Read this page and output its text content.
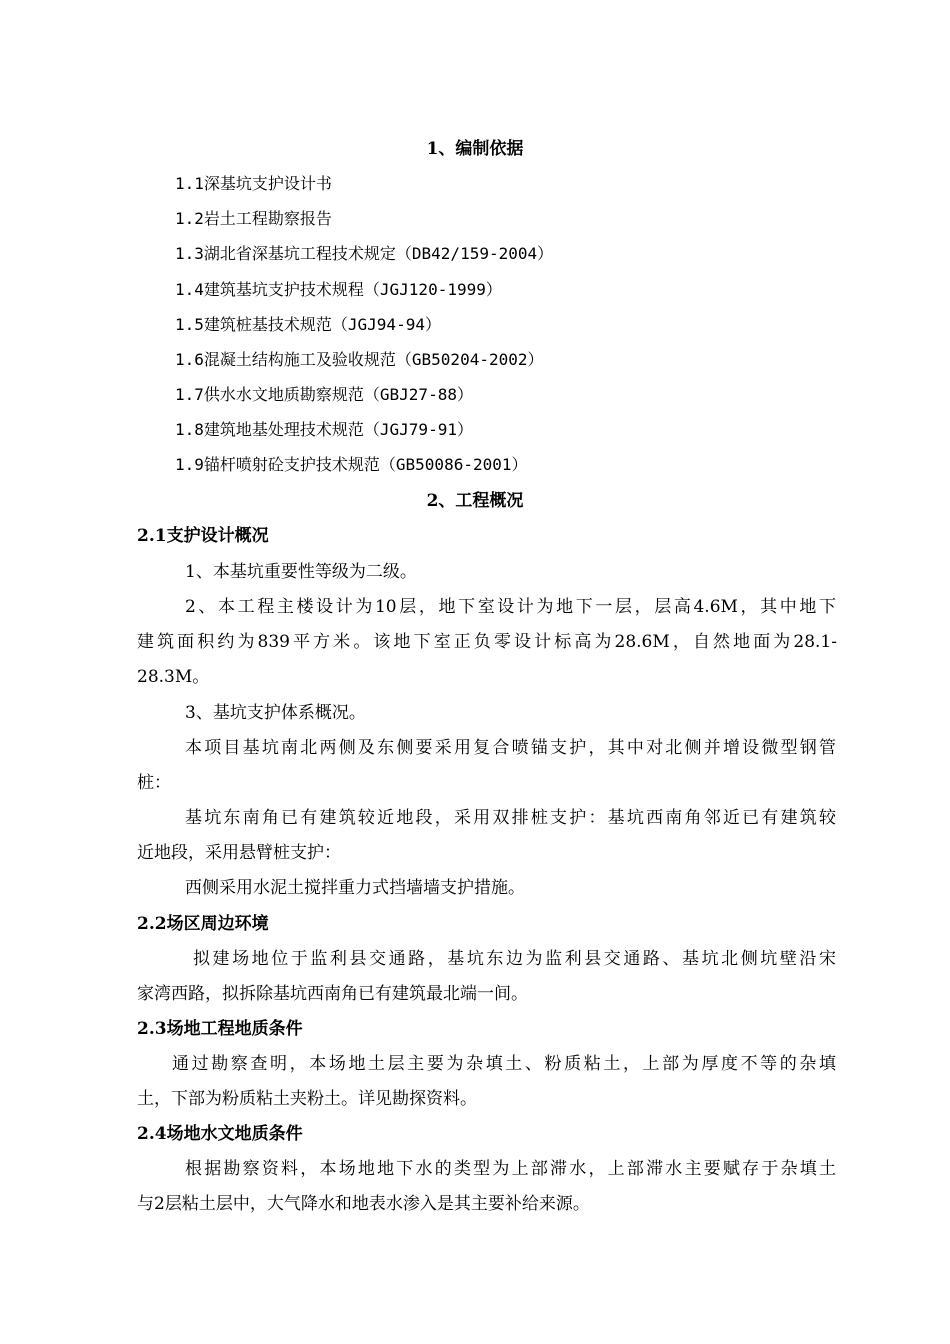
1、编制依据
1.1深基坑支护设计书
1.2岩土工程勘察报告
1.3湖北省深基坑工程技术规定（DB42/159-2004）
1.4建筑基坑支护技术规程（JGJ120-1999）
1.5建筑桩基技术规范（JGJ94-94）
1.6混凝土结构施工及验收规范（GB50204-2002）
1.7供水水文地质勘察规范（GBJ27-88）
1.8建筑地基处理技术规范（JGJ79-91）
1.9锚杆喷射砼支护技术规范（GB50086-2001）
2、工程概况
2.1支护设计概况
1、本基坑重要性等级为二级。
2、本工程主楼设计为10层，地下室设计为地下一层，层高4.6M，其中地下
建筑面积约为839平方米。该地下室正负零设计标高为28.6M，自然地面为28.1-
28.3M。
3、基坑支护体系概况。
本项目基坑南北两侧及东侧要采用复合喷锚支护，其中对北侧并增设微型钢管
桩：
基坑东南角已有建筑较近地段，采用双排桩支护：基坑西南角邻近已有建筑较
近地段，采用悬臂桩支护：
西侧采用水泥土搅拌重力式挡墙墙支护措施。
2.2场区周边环境
拟建场地位于监利县交通路，基坑东边为监利县交通路、基坑北侧坑壁沿宋
家湾西路，拟拆除基坑西南角已有建筑最北端一间。
2.3场地工程地质条件
通过勘察查明，本场地土层主要为杂填土、粉质粘土，上部为厚度不等的杂填
土，下部为粉质粘土夹粉土。详见勘探资料。
2.4场地水文地质条件
根据勘察资料，本场地地下水的类型为上部滞水，上部滞水主要赋存于杂填土
与2层粘土层中，大气降水和地表水渗入是其主要补给来源。
